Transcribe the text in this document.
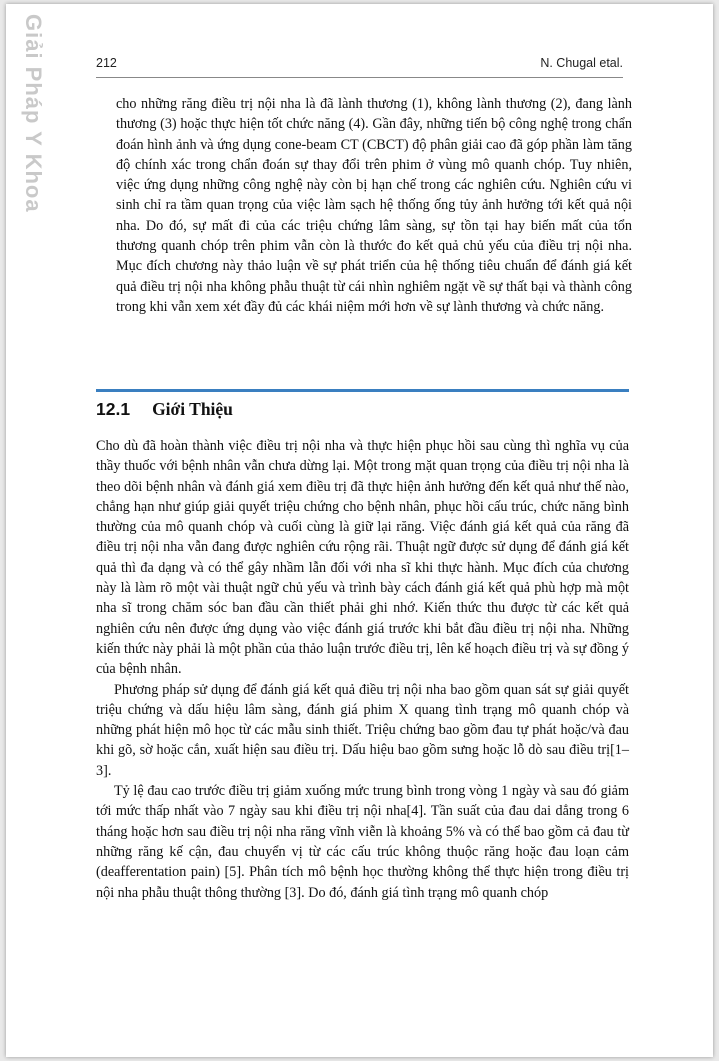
Giải Pháp Y Khoa	212	N. Chugal etal.

cho những răng điều trị nội nha là đã lành thương (1), không lành thương (2), đang lành thương (3) hoặc thực hiện tốt chức năng (4). Gần đây, những tiến bộ công nghệ trong chẩn đoán hình ảnh và ứng dụng cone-beam CT (CBCT) độ phân giải cao đã góp phần làm tăng độ chính xác trong chẩn đoán sự thay đổi trên phim ở vùng mô quanh chóp. Tuy nhiên, việc ứng dụng những công nghệ này còn bị hạn chế trong các nghiên cứu. Nghiên cứu vi sinh chỉ ra tầm quan trọng của việc làm sạch hệ thống ống tủy ảnh hưởng tới kết quả nội nha. Do đó, sự mất đi của các triệu chứng lâm sàng, sự tồn tại hay biến mất của tổn thương quanh chóp trên phim vẫn còn là thước đo kết quả chủ yếu của điều trị nội nha. Mục đích chương này thảo luận về sự phát triển của hệ thống tiêu chuẩn để đánh giá kết quả điều trị nội nha không phẫu thuật từ cái nhìn nghiêm ngặt về sự thất bại và thành công trong khi vẫn xem xét đầy đủ các khái niệm mới hơn về sự lành thương và chức năng.

12.1 Giới Thiệu

Cho dù đã hoàn thành việc điều trị nội nha và thực hiện phục hồi sau cùng thì nghĩa vụ của thầy thuốc với bệnh nhân vẫn chưa dừng lại. Một trong mặt quan trọng của điều trị nội nha là theo dõi bệnh nhân và đánh giá xem điều trị đã thực hiện ảnh hưởng đến kết quả như thế nào, chẳng hạn như giúp giải quyết triệu chứng cho bệnh nhân, phục hồi cấu trúc, chức năng bình thường của mô quanh chóp và cuối cùng là giữ lại răng. Việc đánh giá kết quả của răng đã điều trị nội nha vẫn đang được nghiên cứu rộng rãi. Thuật ngữ được sử dụng để đánh giá kết quả thì đa dạng và có thể gây nhầm lẫn đối với nha sĩ khi thực hành. Mục đích của chương này là làm rõ một vài thuật ngữ chủ yếu và trình bày cách đánh giá kết quả phù hợp mà một nha sĩ trong chăm sóc ban đầu cần thiết phải ghi nhớ. Kiến thức thu được từ các kết quả nghiên cứu nên được ứng dụng vào việc đánh giá trước khi bắt đầu điều trị nội nha. Những kiến thức này phải là một phần của thảo luận trước điều trị, lên kế hoạch điều trị và sự đồng ý của bệnh nhân.

Phương pháp sử dụng để đánh giá kết quả điều trị nội nha bao gồm quan sát sự giải quyết triệu chứng và dấu hiệu lâm sàng, đánh giá phim X quang tình trạng mô quanh chóp và những phát hiện mô học từ các mẫu sinh thiết. Triệu chứng bao gồm đau tự phát hoặc/và đau khi gõ, sờ hoặc cắn, xuất hiện sau điều trị. Dấu hiệu bao gồm sưng hoặc lỗ dò sau điều trị[1–3].

Tỷ lệ đau cao trước điều trị giảm xuống mức trung bình trong vòng 1 ngày và sau đó giảm tới mức thấp nhất vào 7 ngày sau khi điều trị nội nha[4]. Tần suất của đau dai dẳng trong 6 tháng hoặc hơn sau điều trị nội nha răng vĩnh viễn là khoảng 5% và có thể bao gồm cả đau từ những răng kế cận, đau chuyển vị từ các cấu trúc không thuộc răng hoặc đau loạn cảm (deafferentation pain) [5]. Phân tích mô bệnh học thường không thể thực hiện trong điều trị nội nha phẫu thuật thông thường [3]. Do đó, đánh giá tình trạng mô quanh chóp
